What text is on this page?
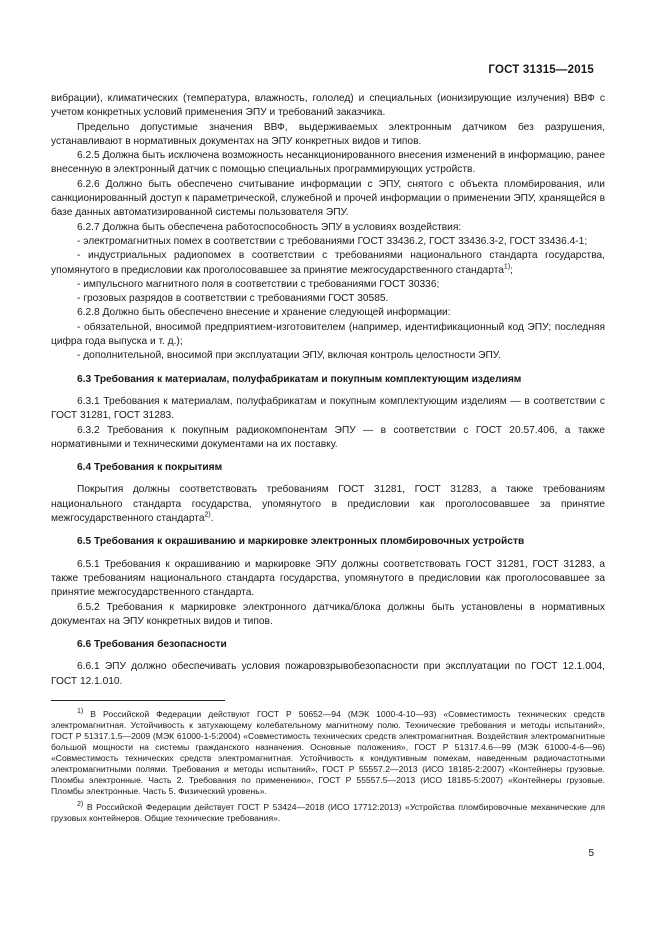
ГОСТ 31315—2015

вибрации), климатических (температура, влажность, гололед) и специальных (ионизирующие излучения) ВВФ с учетом конкретных условий применения ЭПУ и требований заказчика.

Предельно допустимые значения ВВФ, выдерживаемых электронным датчиком без разрушения, устанавливают в нормативных документах на ЭПУ конкретных видов и типов.

6.2.5 Должна быть исключена возможность несанкционированного внесения изменений в информацию, ранее внесенную в электронный датчик с помощью специальных программирующих устройств.

6.2.6 Должно быть обеспечено считывание информации с ЭПУ, снятого с объекта пломбирования, или санкционированный доступ к параметрической, служебной и прочей информации о применении ЭПУ, хранящейся в базе данных автоматизированной системы пользователя ЭПУ.

6.2.7 Должна быть обеспечена работоспособность ЭПУ в условиях воздействия:

- электромагнитных помех в соответствии с требованиями ГОСТ 33436.2, ГОСТ 33436.3-2, ГОСТ 33436.4-1;

- индустриальных радиопомех в соответствии с требованиями национального стандарта государства, упомянутого в предисловии как проголосовавшее за принятие межгосударственного стандарта$^{1)}$;

- импульсного магнитного поля в соответствии с требованиями ГОСТ 30336;

- грозовых разрядов в соответствии с требованиями ГОСТ 30585.

6.2.8 Должно быть обеспечено внесение и хранение следующей информации:

- обязательной, вносимой предприятием-изготовителем (например, идентификационный код ЭПУ; последняя цифра года выпуска и т. д.);

- дополнительной, вносимой при эксплуатации ЭПУ, включая контроль целостности ЭПУ.

6.3 Требования к материалам, полуфабрикатам и покупным комплектующим изделиям

6.3.1 Требования к материалам, полуфабрикатам и покупным комплектующим изделиям — в соответствии с ГОСТ 31281, ГОСТ 31283.

6.3.2 Требования к покупным радиокомпонентам ЭПУ — в соответствии с ГОСТ 20.57.406, а также нормативными и техническими документами на их поставку.

6.4 Требования к покрытиям

Покрытия должны соответствовать требованиям ГОСТ 31281, ГОСТ 31283, а также требованиям национального стандарта государства, упомянутого в предисловии как проголосовавшее за принятие межгосударственного стандарта$^{2)}$.

6.5 Требования к окрашиванию и маркировке электронных пломбировочных устройств

6.5.1 Требования к окрашиванию и маркировке ЭПУ должны соответствовать ГОСТ 31281, ГОСТ 31283, а также требованиям национального стандарта государства, упомянутого в предисловии как проголосовавшее за принятие межгосударственного стандарта.

6.5.2 Требования к маркировке электронного датчика/блока должны быть установлены в нормативных документах на ЭПУ конкретных видов и типов.

6.6 Требования безопасности

6.6.1 ЭПУ должно обеспечивать условия пожаровзрывобезопасности при эксплуатации по ГОСТ 12.1.004, ГОСТ 12.1.010.

$^{1)}$ В Российской Федерации действуют ГОСТ Р 50652—94 (МЭК 1000-4-10—93) «Совместимость технических средств электромагнитная. Устойчивость к затухающему колебательному магнитному полю. Технические требования и методы испытаний», ГОСТ Р 51317.1.5—2009 (МЭК 61000-1-5:2004) «Совместимость технических средств электромагнитная. Воздействия электромагнитные большой мощности на системы гражданского назначения. Основные положения», ГОСТ Р 51317.4.6—99 (МЭК 61000-4-6—96) «Совместимость технических средств электромагнитная. Устойчивость к кондуктивным помехам, наведенным радиочастотными электромагнитными полями. Требования и методы испытаний», ГОСТ Р 55557.2—2013 (ИСО 18185-2:2007) «Контейнеры грузовые. Пломбы электронные. Часть 2. Требования по применению», ГОСТ Р 55557.5—2013 (ИСО 18185-5:2007) «Контейнеры грузовые. Пломбы электронные. Часть 5. Физический уровень».

$^{2)}$ В Российской Федерации действует ГОСТ Р 53424—2018 (ИСО 17712:2013) «Устройства пломбировочные механические для грузовых контейнеров. Общие технические требования».

5
